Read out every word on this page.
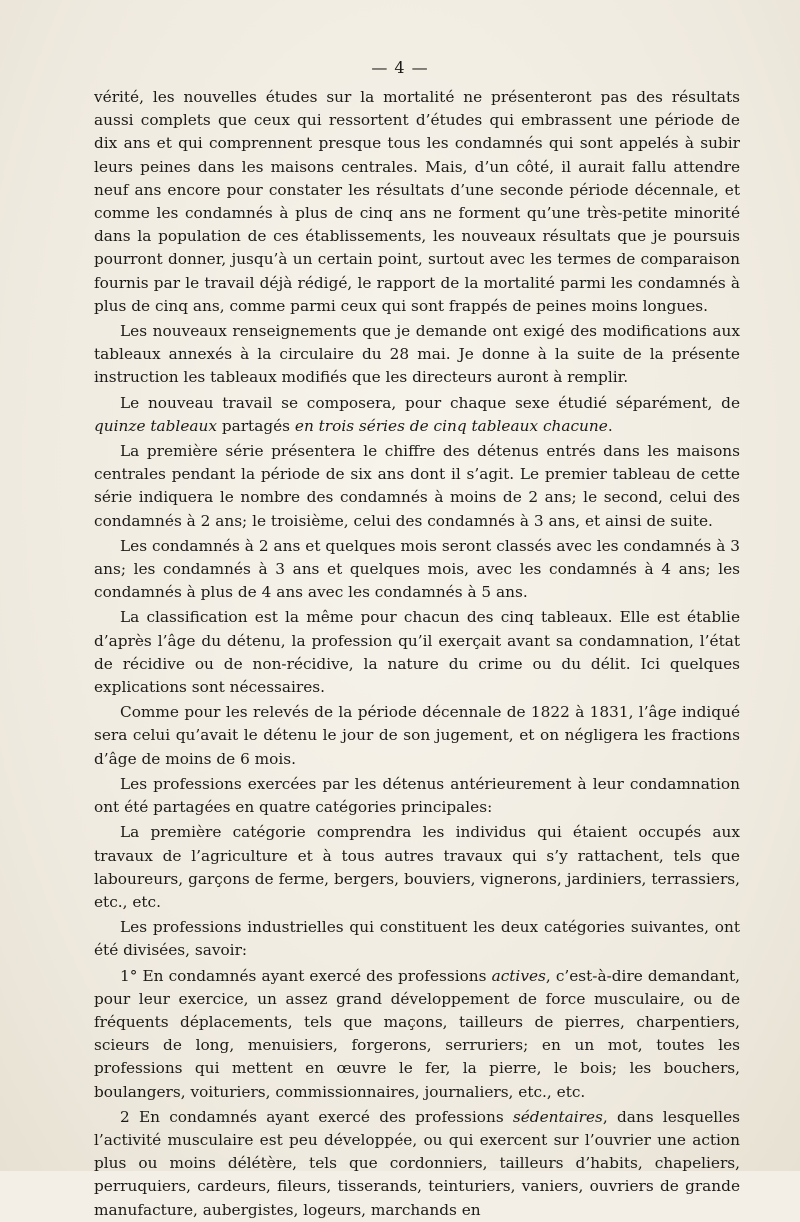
— 4 —

vérité, les nouvelles études sur la mortalité ne présenteront pas des résultats aussi complets que ceux qui ressortent d’études qui embrassent une période de dix ans et qui comprennent presque tous les condamnés qui sont appelés à subir leurs peines dans les maisons centrales. Mais, d’un côté, il aurait fallu attendre neuf ans encore pour constater les résultats d’une seconde période décennale, et comme les condamnés à plus de cinq ans ne forment qu’une très-petite minorité dans la population de ces établissements, les nouveaux résultats que je poursuis pourront donner, jusqu’à un certain point, surtout avec les termes de comparaison fournis par le travail déjà rédigé, le rapport de la mortalité parmi les condamnés à plus de cinq ans, comme parmi ceux qui sont frappés de peines moins longues.

Les nouveaux renseignements que je demande ont exigé des modifications aux tableaux annexés à la circulaire du 28 mai. Je donne à la suite de la présente instruction les tableaux modifiés que les directeurs auront à remplir.

Le nouveau travail se composera, pour chaque sexe étudié séparément, de quinze tableaux partagés en trois séries de cinq tableaux chacune.

La première série présentera le chiffre des détenus entrés dans les maisons centrales pendant la période de six ans dont il s’agit. Le premier tableau de cette série indiquera le nombre des condamnés à moins de 2 ans; le second, celui des condamnés à 2 ans; le troisième, celui des condamnés à 3 ans, et ainsi de suite.

Les condamnés à 2 ans et quelques mois seront classés avec les condamnés à 3 ans; les condamnés à 3 ans et quelques mois, avec les condamnés à 4 ans; les condamnés à plus de 4 ans avec les condamnés à 5 ans.

La classification est la même pour chacun des cinq tableaux. Elle est établie d’après l’âge du détenu, la profession qu’il exerçait avant sa condamnation, l’état de récidive ou de non-récidive, la nature du crime ou du délit. Ici quelques explications sont nécessaires.

Comme pour les relevés de la période décennale de 1822 à 1831, l’âge indiqué sera celui qu’avait le détenu le jour de son jugement, et on négligera les fractions d’âge de moins de 6 mois.

Les professions exercées par les détenus antérieurement à leur condamnation ont été partagées en quatre catégories principales:

La première catégorie comprendra les individus qui étaient occupés aux travaux de l’agriculture et à tous autres travaux qui s’y rattachent, tels que laboureurs, garçons de ferme, bergers, bouviers, vignerons, jardiniers, terrassiers, etc., etc.

Les professions industrielles qui constituent les deux catégories suivantes, ont été divisées, savoir:

1° En condamnés ayant exercé des professions actives, c’est-à-dire demandant, pour leur exercice, un assez grand développement de force musculaire, ou de fréquents déplacements, tels que maçons, tailleurs de pierres, charpentiers, scieurs de long, menuisiers, forgerons, serruriers; en un mot, toutes les professions qui mettent en œuvre le fer, la pierre, le bois; les bouchers, boulangers, voituriers, commissionnaires, journaliers, etc., etc.

2 En condamnés ayant exercé des professions sédentaires, dans lesquelles l’activité musculaire est peu développée, ou qui exercent sur l’ouvrier une action plus ou moins délétère, tels que cordonniers, tailleurs d’habits, chapeliers, perruquiers, cardeurs, fileurs, tisserands, teinturiers, vaniers, ouvriers de grande manufacture, aubergistes, logeurs, marchands en
